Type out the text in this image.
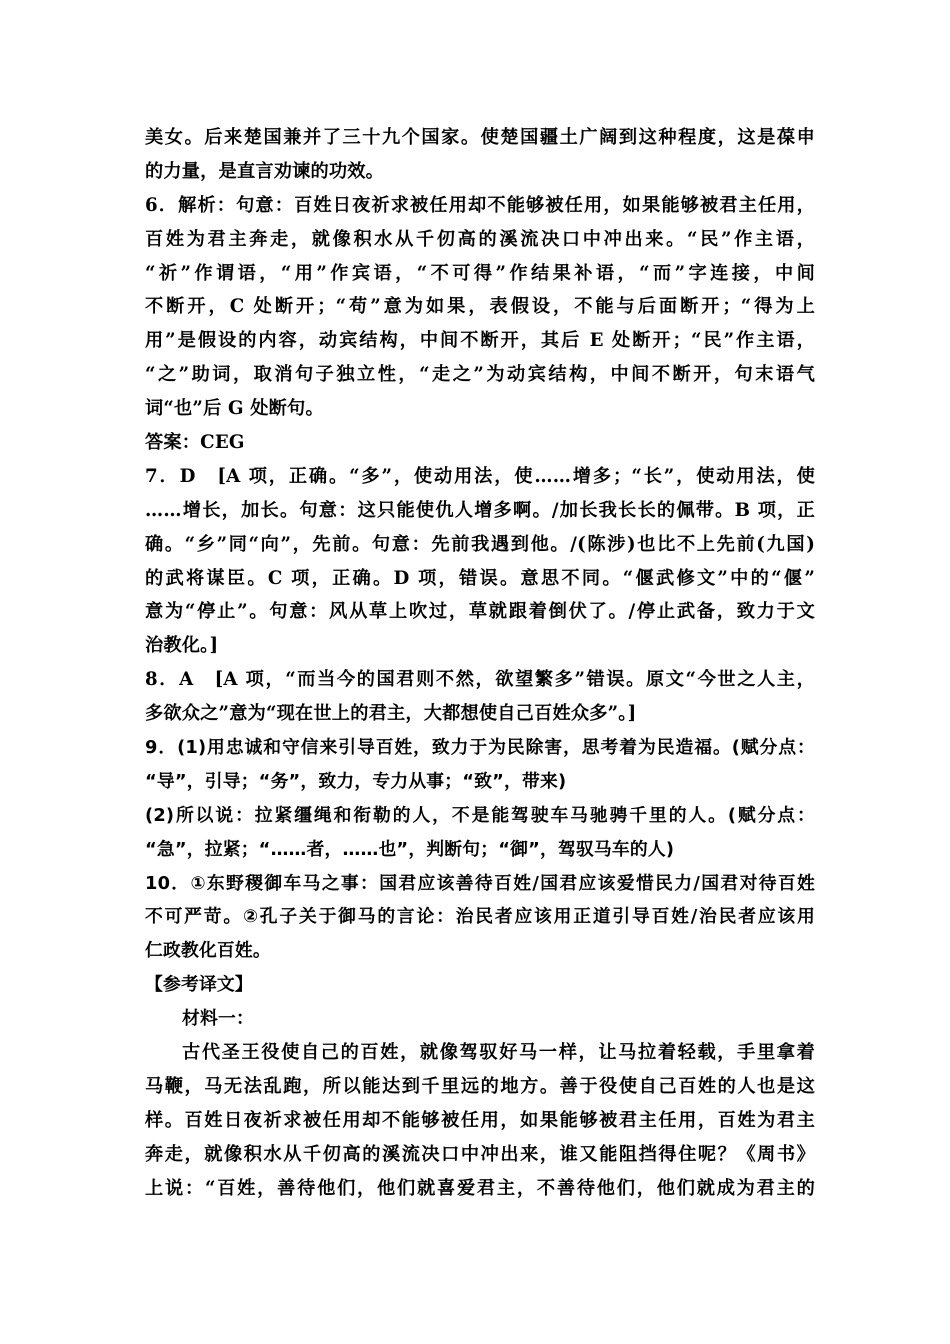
美女。后来楚国兼并了三十九个国家。使楚国疆土广阔到这种程度，这是葆申
的力量，是直言劝谏的功效。
6．解析：句意：百姓日夜祈求被任用却不能够被任用，如果能够被君主任用，
百姓为君主奔走，就像积水从千仞高的溪流决口中冲出来。“民”作主语，
“祈”作谓语，“用”作宾语，“不可得”作结果补语，“而”字连接，中间
不断开，C 处断开；“苟”意为如果，表假设，不能与后面断开；“得为上
用”是假设的内容，动宾结构，中间不断开，其后 E 处断开；“民”作主语，
“之”助词，取消句子独立性，“走之”为动宾结构，中间不断开，句末语气
词“也”后 G 处断句。
答案：CEG
7．D　[A 项，正确。“多”，使动用法，使……增多；“长”，使动用法，使
……增长，加长。句意：这只能使仇人增多啊。/加长我长长的佩带。B 项，正
确。“乡”同“向”，先前。句意：先前我遇到他。/(陈涉)也比不上先前(九国)
的武将谋臣。C 项，正确。D 项，错误。意思不同。“偃武修文”中的“偃”
意为“停止”。句意：风从草上吹过，草就跟着倒伏了。/停止武备，致力于文
治教化。]
8．A　[A 项，“而当今的国君则不然，欲望繁多”错误。原文“今世之人主，
多欲众之”意为“现在世上的君主，大都想使自己百姓众多”。]
9．(1)用忠诚和守信来引导百姓，致力于为民除害，思考着为民造福。(赋分点：
“导”，引导；“务”，致力，专力从事；“致”，带来)
(2)所以说：拉紧缰绳和衔勒的人，不是能驾驶车马驰骋千里的人。(赋分点：
“急”，拉紧；“……者，……也”，判断句；“御”，驾驭马车的人)
10．①东野稷御车马之事：国君应该善待百姓/国君应该爱惜民力/国君对待百姓
不可严苛。②孔子关于御马的言论：治民者应该用正道引导百姓/治民者应该用
仁政教化百姓。
【参考译文】
材料一：
古代圣王役使自己的百姓，就像驾驭好马一样，让马拉着轻载，手里拿着
马鞭，马无法乱跑，所以能达到千里远的地方。善于役使自己百姓的人也是这
样。百姓日夜祈求被任用却不能够被任用，如果能够被君主任用，百姓为君主
奔走，就像积水从千仞高的溪流决口中冲出来，谁又能阻挡得住呢？《周书》
上说：“百姓，善待他们，他们就喜爱君主，不善待他们，他们就成为君主的
